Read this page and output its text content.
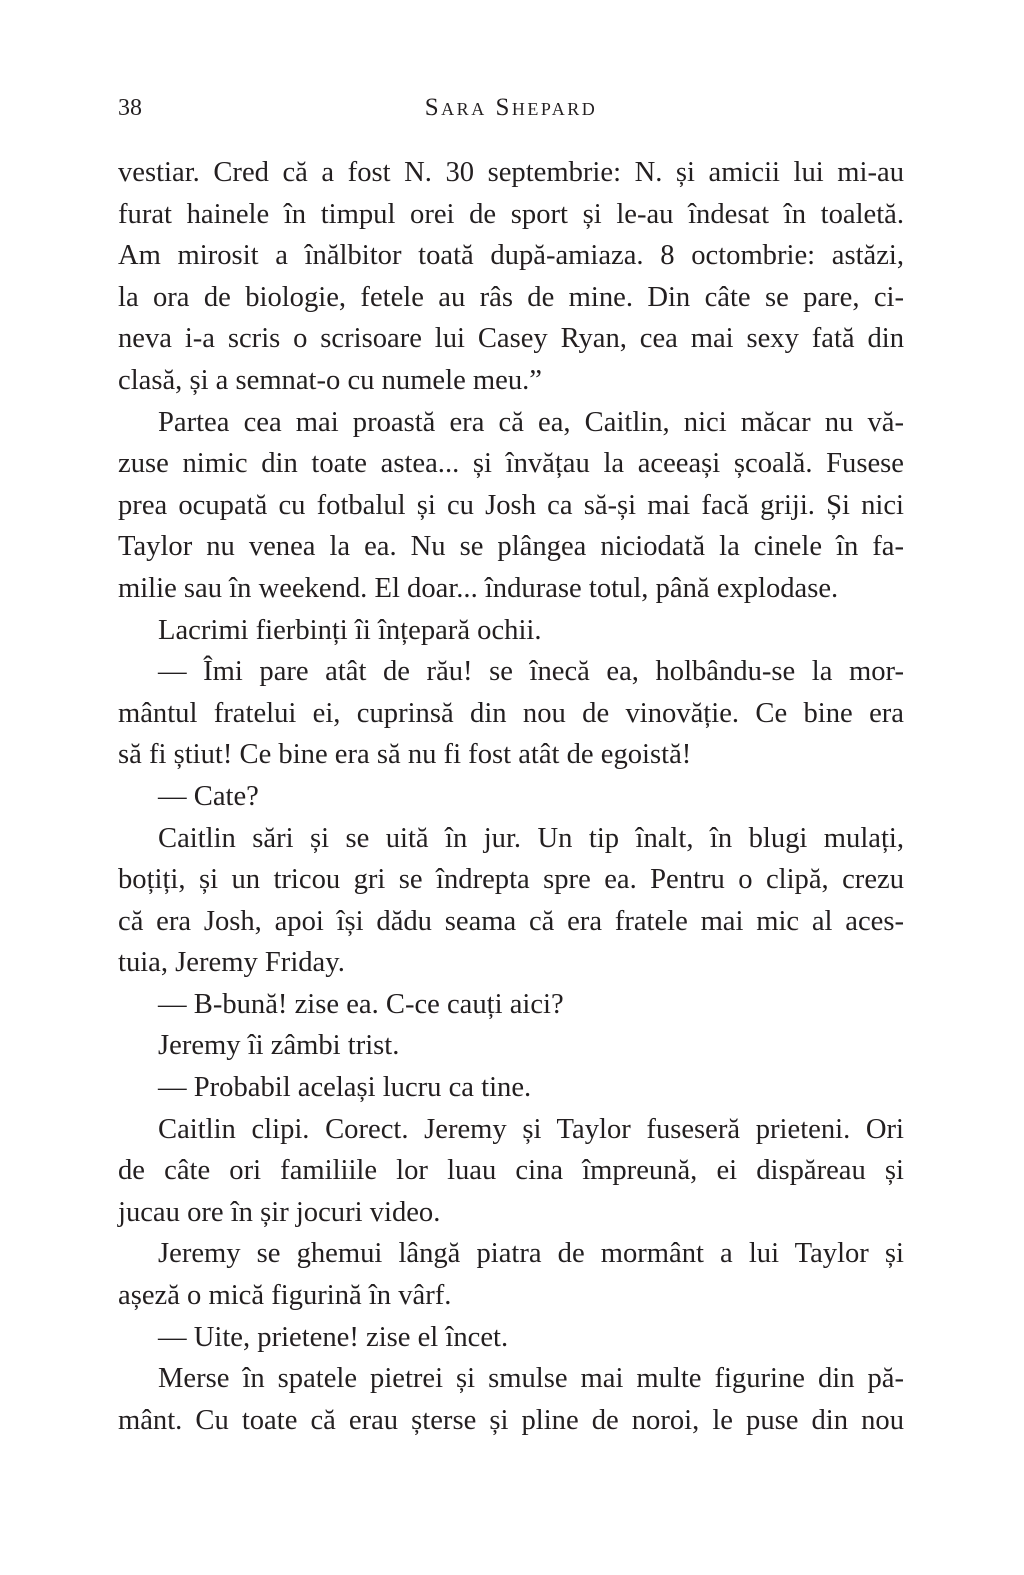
38	Sara Shepard
vestiar. Cred că a fost N. 30 septembrie: N. și amicii lui mi-au
furat hainele în timpul orei de sport și le-au îndesat în toaletă.
Am mirosit a înălbitor toată după-amiaza. 8 octombrie: astăzi,
la ora de biologie, fetele au râs de mine. Din câte se pare, ci-
neva i-a scris o scrisoare lui Casey Ryan, cea mai sexy fată din
clasă, și a semnat-o cu numele meu.”
Partea cea mai proastă era că ea, Caitlin, nici măcar nu vă-
zuse nimic din toate astea... și învățau la aceeași școală. Fusese
prea ocupată cu fotbalul și cu Josh ca să-și mai facă griji. Și nici
Taylor nu venea la ea. Nu se plângea niciodată la cinele în fa-
milie sau în weekend. El doar... îndurase totul, până explodase.
Lacrimi fierbinți îi înțepară ochii.
— Îmi pare atât de rău! se înecă ea, holbându-se la mor-
mântul fratelui ei, cuprinsă din nou de vinovăție. Ce bine era
să fi știut! Ce bine era să nu fi fost atât de egoistă!
— Cate?
Caitlin sări și se uită în jur. Un tip înalt, în blugi mulați,
boțiți, și un tricou gri se îndrepta spre ea. Pentru o clipă, crezu
că era Josh, apoi își dădu seama că era fratele mai mic al aces-
tuia, Jeremy Friday.
— B-bună! zise ea. C-ce cauți aici?
Jeremy îi zâmbi trist.
— Probabil același lucru ca tine.
Caitlin clipi. Corect. Jeremy și Taylor fuseseră prieteni. Ori
de câte ori familiile lor luau cina împreună, ei dispăreau și
jucau ore în șir jocuri video.
Jeremy se ghemui lângă piatra de mormânt a lui Taylor și
așeză o mică figurină în vârf.
— Uite, prietene! zise el încet.
Merse în spatele pietrei și smulse mai multe figurine din pă-
mânt. Cu toate că erau șterse și pline de noroi, le puse din nou
